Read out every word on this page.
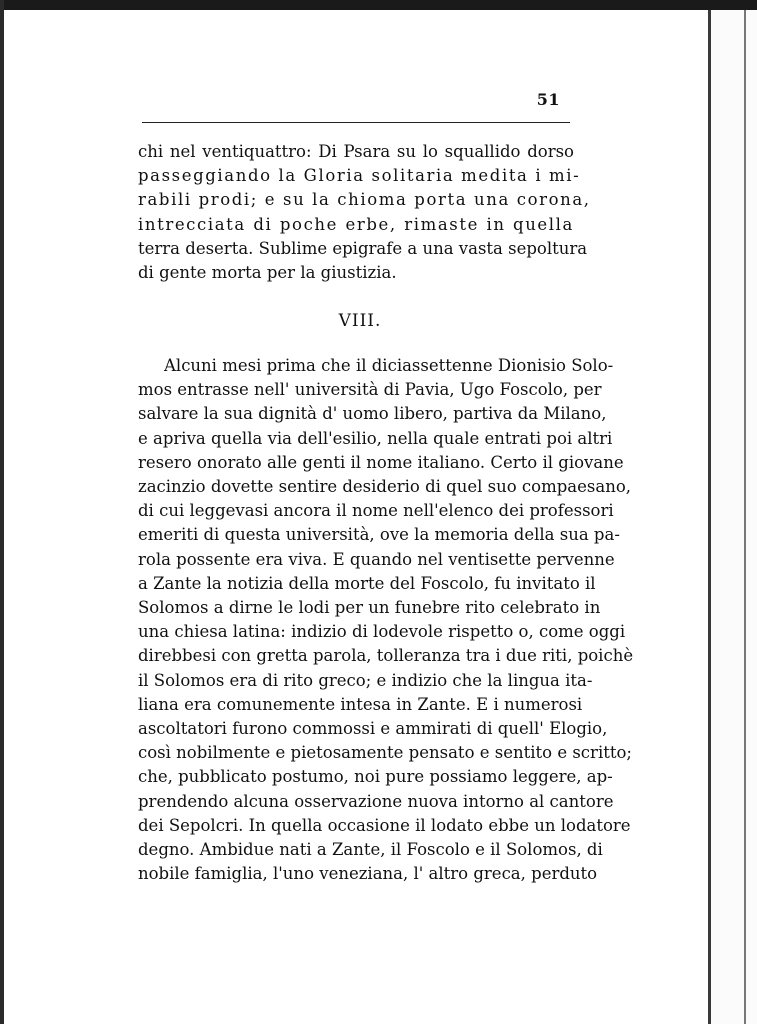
51
chi nel ventiquattro: Di Psara su lo squallido dorso
passeggiando la Gloria solitaria medita i mi-
rabili prodi; e su la chioma porta una corona,
intrecciata di poche erbe, rimaste in quella
terra deserta. Sublime epigrafe a una vasta sepoltura
di gente morta per la giustizia.
VIII.
Alcuni mesi prima che il diciassettenne Dionisio Solo-
mos entrasse nell' università di Pavia, Ugo Foscolo, per
salvare la sua dignità d' uomo libero, partiva da Milano,
e apriva quella via dell'esilio, nella quale entrati poi altri
resero onorato alle genti il nome italiano. Certo il giovane
zacinzio dovette sentire desiderio di quel suo compaesano,
di cui leggevasi ancora il nome nell'elenco dei professori
emeriti di questa università, ove la memoria della sua pa-
rola possente era viva. E quando nel ventisette pervenne
a Zante la notizia della morte del Foscolo, fu invitato il
Solomos a dirne le lodi per un funebre rito celebrato in
una chiesa latina: indizio di lodevole rispetto o, come oggi
direbbesi con gretta parola, tolleranza tra i due riti, poichè
il Solomos era di rito greco; e indizio che la lingua ita-
liana era comunemente intesa in Zante. E i numerosi
ascoltatori furono commossi e ammirati di quell' Elogio,
così nobilmente e pietosamente pensato e sentito e scritto;
che, pubblicato postumo, noi pure possiamo leggere, ap-
prendendo alcuna osservazione nuova intorno al cantore
dei Sepolcri. In quella occasione il lodato ebbe un lodatore
degno. Ambidue nati a Zante, il Foscolo e il Solomos, di
nobile famiglia, l'uno veneziana, l' altro greca, perduto
